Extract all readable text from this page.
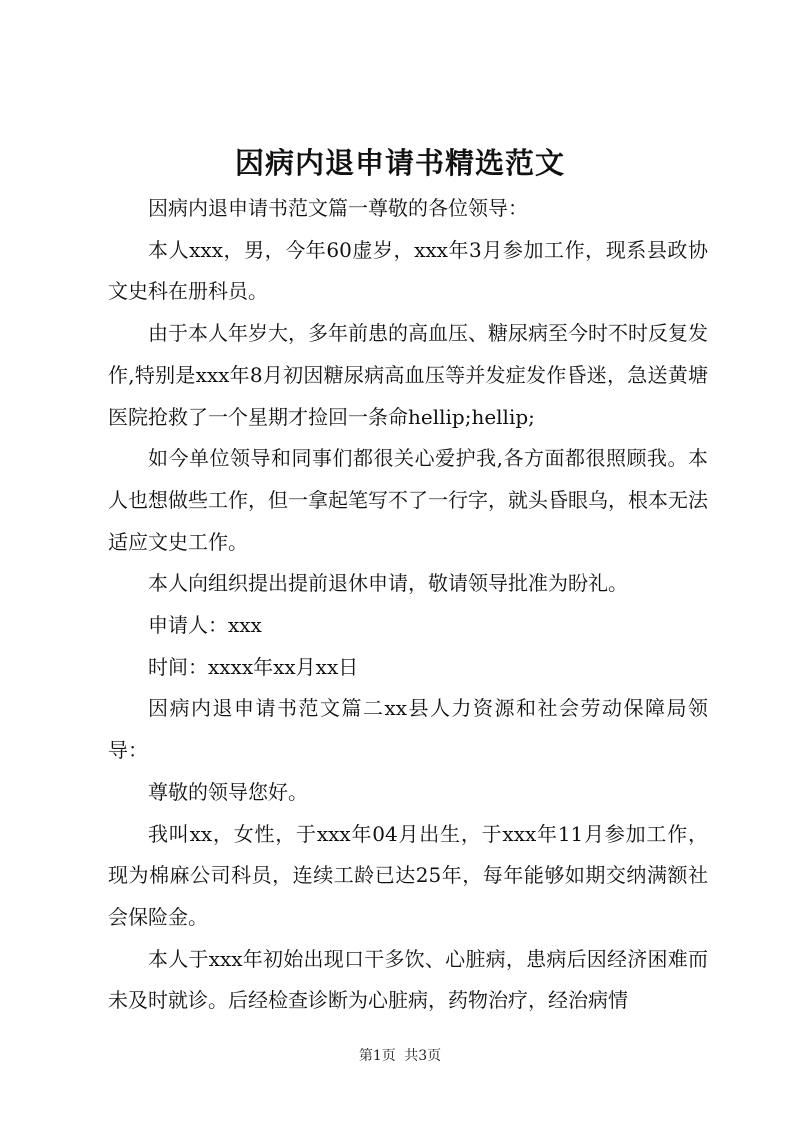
因病内退申请书精选范文

因病内退申请书范文篇一尊敬的各位领导：

本人xxx，男，今年60虚岁，xxx年3月参加工作，现系县政协文史科在册科员。

由于本人年岁大，多年前患的高血压、糖尿病至今时不时反复发作,特别是xxx年8月初因糖尿病高血压等并发症发作昏迷，急送黄塘医院抢救了一个星期才捡回一条命hellip;hellip;

如今单位领导和同事们都很关心爱护我,各方面都很照顾我。本人也想做些工作，但一拿起笔写不了一行字，就头昏眼乌，根本无法适应文史工作。

本人向组织提出提前退休申请，敬请领导批准为盼礼。

申请人：xxx

时间：xxxx年xx月xx日

因病内退申请书范文篇二xx县人力资源和社会劳动保障局领导：

尊敬的领导您好。

我叫xx，女性，于xxx年04月出生，于xxx年11月参加工作，现为棉麻公司科员，连续工龄已达25年，每年能够如期交纳满额社会保险金。

本人于xxx年初始出现口干多饮、心脏病，患病后因经济困难而未及时就诊。后经检查诊断为心脏病，药物治疗，经治病情

第1页 共3页
